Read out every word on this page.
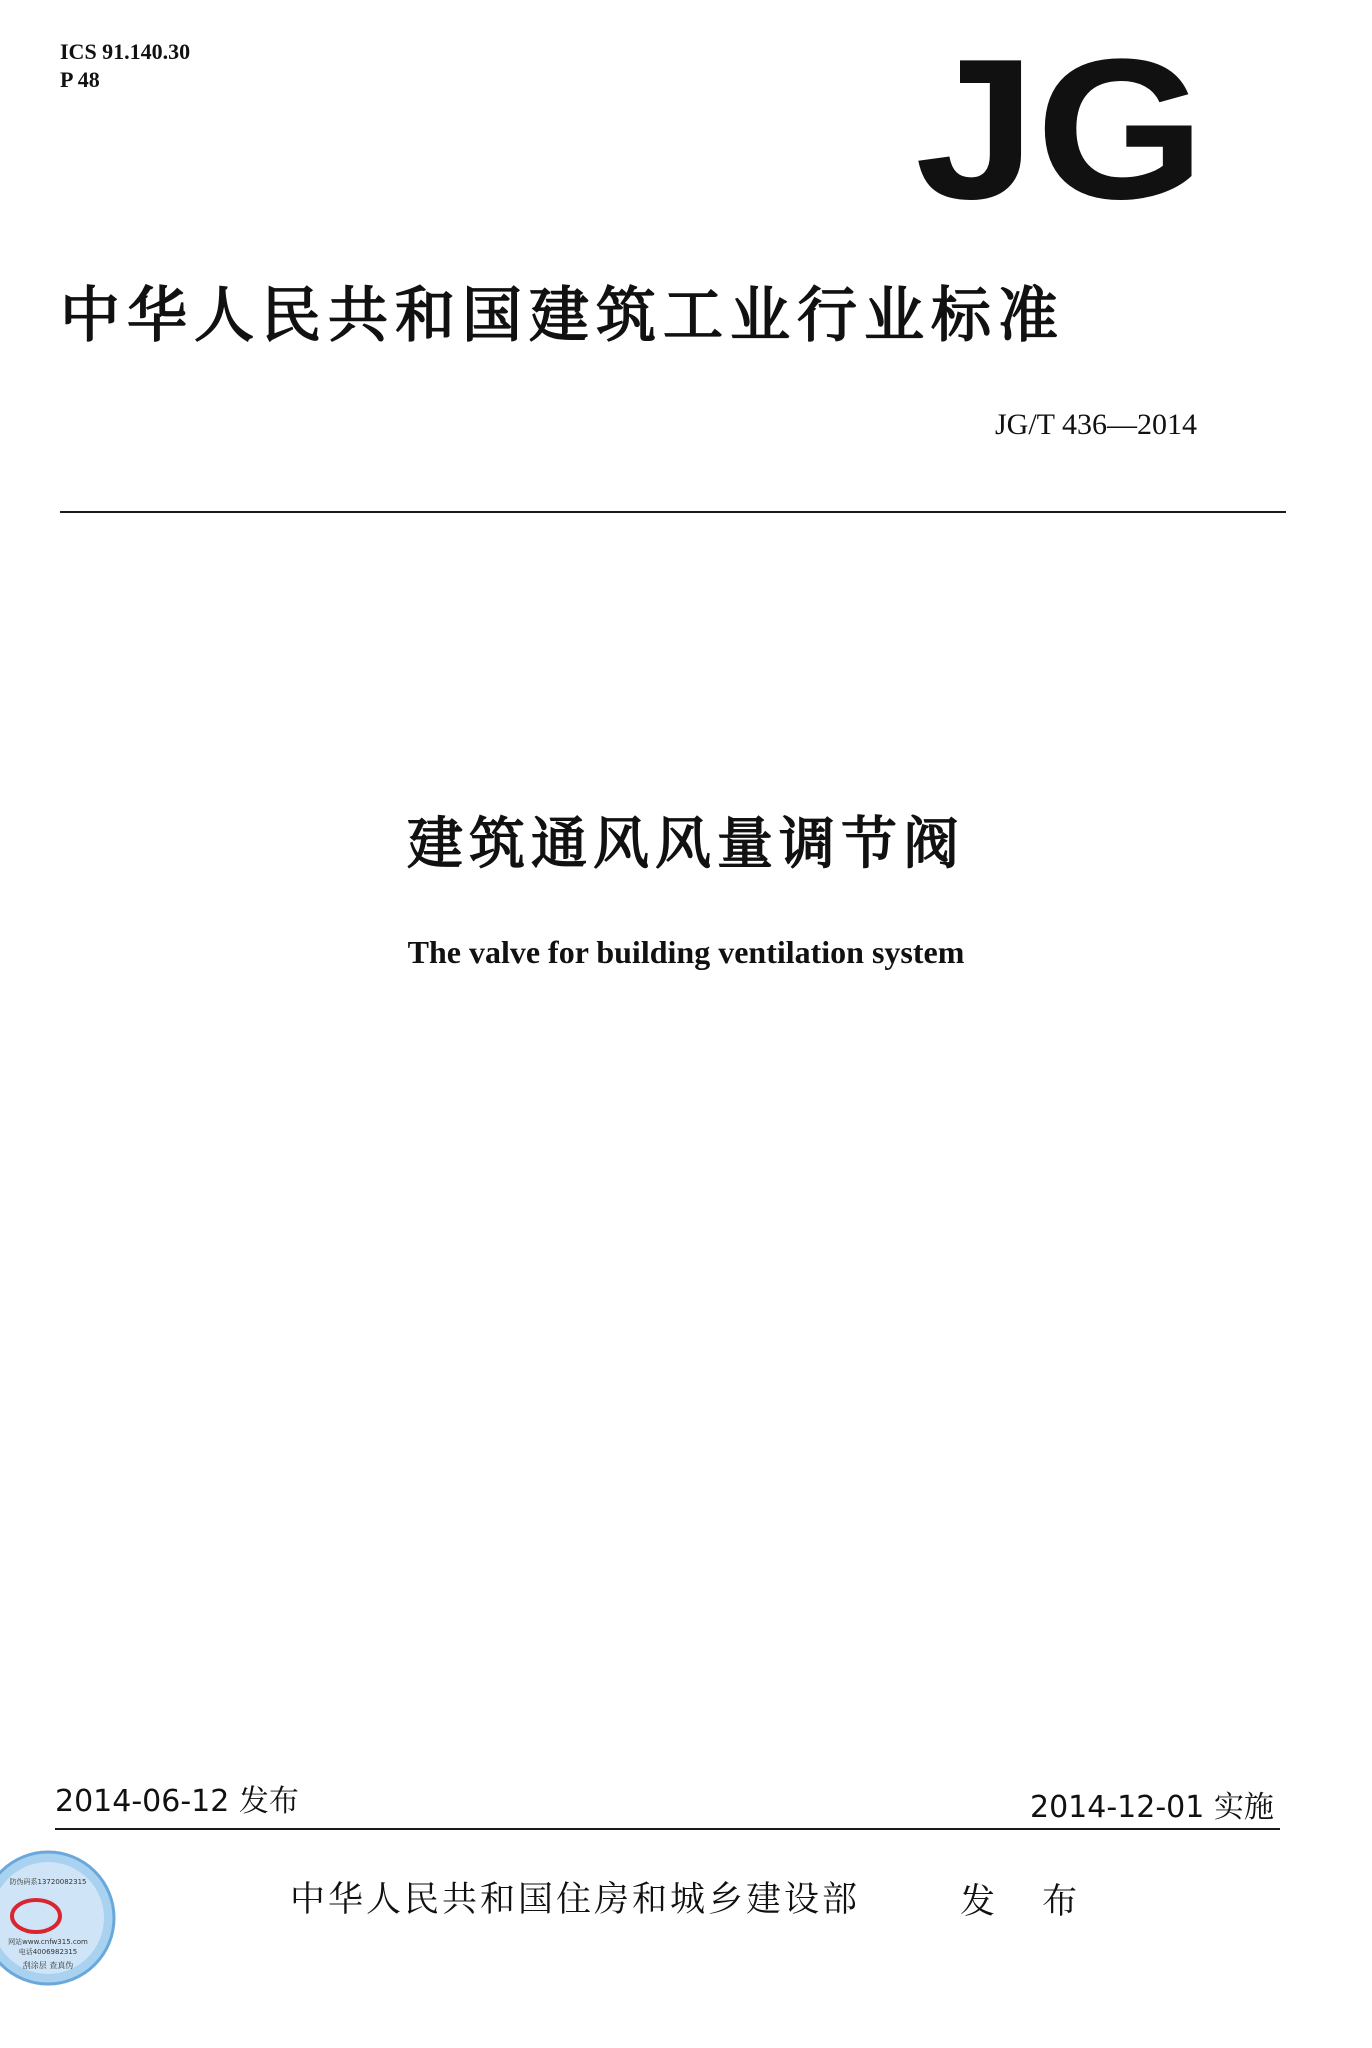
ICS 91.140.30
P 48	JG
中华人民共和国建筑工业行业标准
JG/T 436—2014
建筑通风风量调节阀
The valve for building ventilation system
2014-06-12 发布	2014-12-01 实施
中华人民共和国住房和城乡建设部	发 布
防伪码系13720082315
网站www.cnfw315.com
电话4006982315
刮涂层 查真伪
